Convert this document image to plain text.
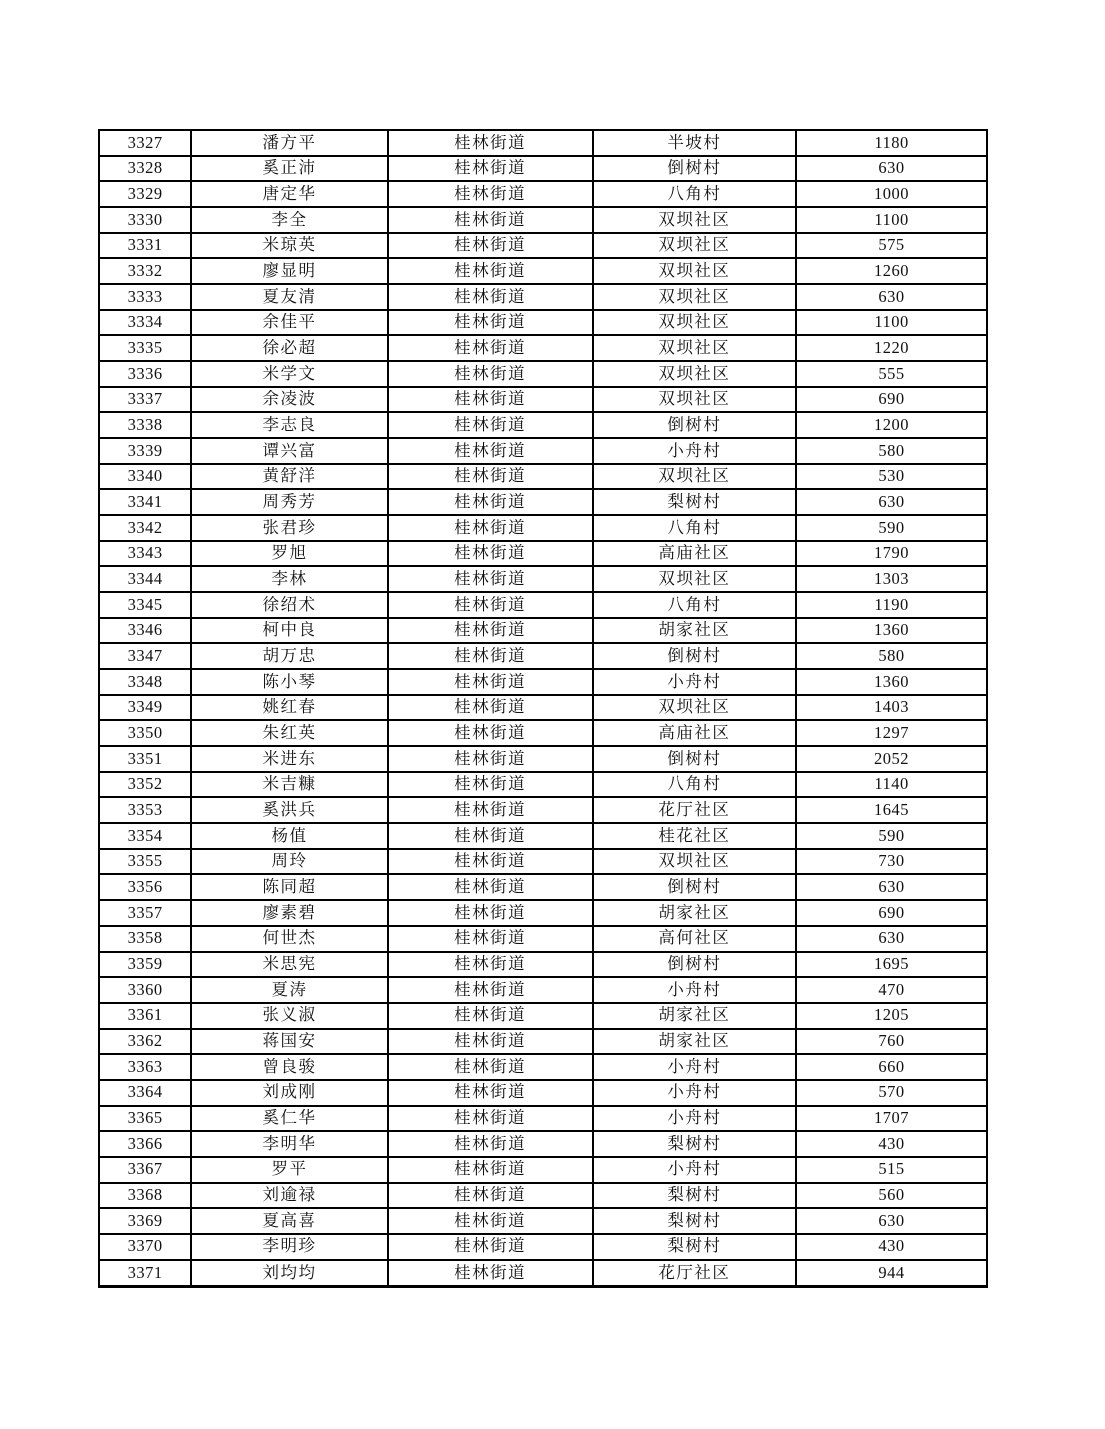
3327	潘方平	桂林街道	半坡村	1180
3328	奚正沛	桂林街道	倒树村	630
3329	唐定华	桂林街道	八角村	1000
3330	李全	桂林街道	双坝社区	1100
3331	米琼英	桂林街道	双坝社区	575
3332	廖显明	桂林街道	双坝社区	1260
3333	夏友清	桂林街道	双坝社区	630
3334	余佳平	桂林街道	双坝社区	1100
3335	徐必超	桂林街道	双坝社区	1220
3336	米学文	桂林街道	双坝社区	555
3337	余凌波	桂林街道	双坝社区	690
3338	李志良	桂林街道	倒树村	1200
3339	谭兴富	桂林街道	小舟村	580
3340	黄舒洋	桂林街道	双坝社区	530
3341	周秀芳	桂林街道	梨树村	630
3342	张君珍	桂林街道	八角村	590
3343	罗旭	桂林街道	高庙社区	1790
3344	李林	桂林街道	双坝社区	1303
3345	徐绍术	桂林街道	八角村	1190
3346	柯中良	桂林街道	胡家社区	1360
3347	胡万忠	桂林街道	倒树村	580
3348	陈小琴	桂林街道	小舟村	1360
3349	姚红春	桂林街道	双坝社区	1403
3350	朱红英	桂林街道	高庙社区	1297
3351	米进东	桂林街道	倒树村	2052
3352	米吉糠	桂林街道	八角村	1140
3353	奚洪兵	桂林街道	花厅社区	1645
3354	杨值	桂林街道	桂花社区	590
3355	周玲	桂林街道	双坝社区	730
3356	陈同超	桂林街道	倒树村	630
3357	廖素碧	桂林街道	胡家社区	690
3358	何世杰	桂林街道	高何社区	630
3359	米思宪	桂林街道	倒树村	1695
3360	夏涛	桂林街道	小舟村	470
3361	张义淑	桂林街道	胡家社区	1205
3362	蒋国安	桂林街道	胡家社区	760
3363	曾良骏	桂林街道	小舟村	660
3364	刘成刚	桂林街道	小舟村	570
3365	奚仁华	桂林街道	小舟村	1707
3366	李明华	桂林街道	梨树村	430
3367	罗平	桂林街道	小舟村	515
3368	刘逾禄	桂林街道	梨树村	560
3369	夏高喜	桂林街道	梨树村	630
3370	李明珍	桂林街道	梨树村	430
3371	刘均均	桂林街道	花厅社区	944
